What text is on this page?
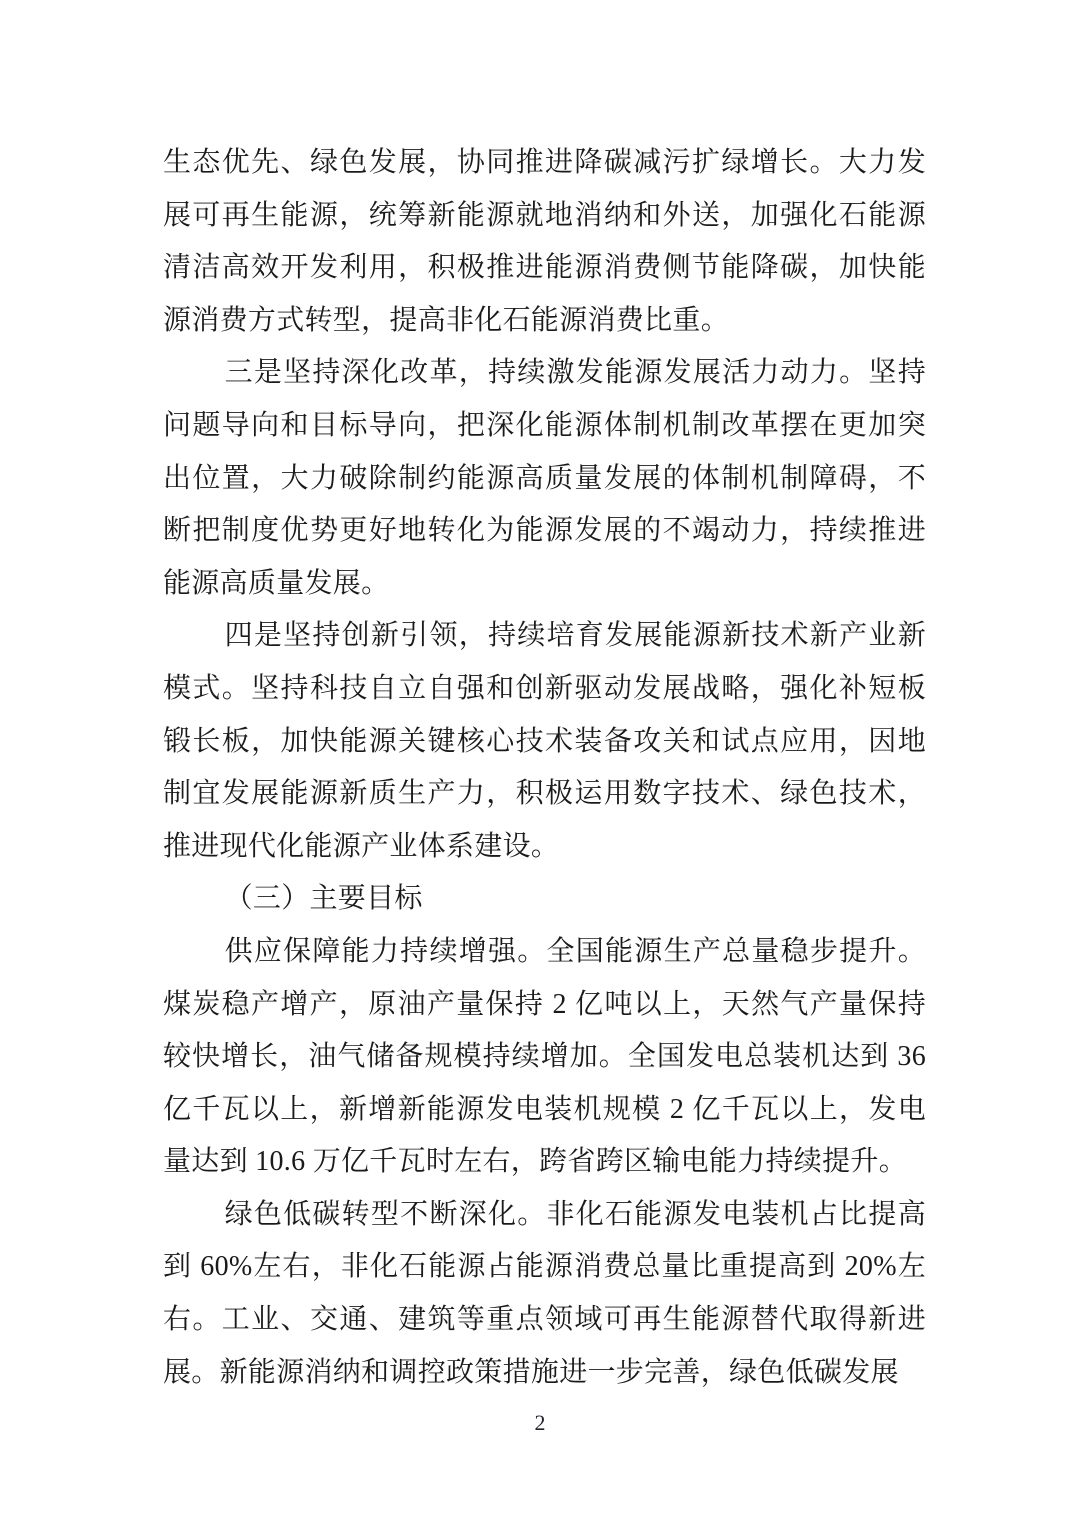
生态优先、绿色发展，协同推进降碳减污扩绿增长。大力发展可再生能源，统筹新能源就地消纳和外送，加强化石能源清洁高效开发利用，积极推进能源消费侧节能降碳，加快能源消费方式转型，提高非化石能源消费比重。

三是坚持深化改革，持续激发能源发展活力动力。坚持问题导向和目标导向，把深化能源体制机制改革摆在更加突出位置，大力破除制约能源高质量发展的体制机制障碍，不断把制度优势更好地转化为能源发展的不竭动力，持续推进能源高质量发展。

四是坚持创新引领，持续培育发展能源新技术新产业新模式。坚持科技自立自强和创新驱动发展战略，强化补短板锻长板，加快能源关键核心技术装备攻关和试点应用，因地制宜发展能源新质生产力，积极运用数字技术、绿色技术，推进现代化能源产业体系建设。

（三）主要目标

供应保障能力持续增强。全国能源生产总量稳步提升。煤炭稳产增产，原油产量保持 2 亿吨以上，天然气产量保持较快增长，油气储备规模持续增加。全国发电总装机达到 36 亿千瓦以上，新增新能源发电装机规模 2 亿千瓦以上，发电量达到 10.6 万亿千瓦时左右，跨省跨区输电能力持续提升。

绿色低碳转型不断深化。非化石能源发电装机占比提高到 60%左右，非化石能源占能源消费总量比重提高到 20%左右。工业、交通、建筑等重点领域可再生能源替代取得新进展。新能源消纳和调控政策措施进一步完善，绿色低碳发展

2
